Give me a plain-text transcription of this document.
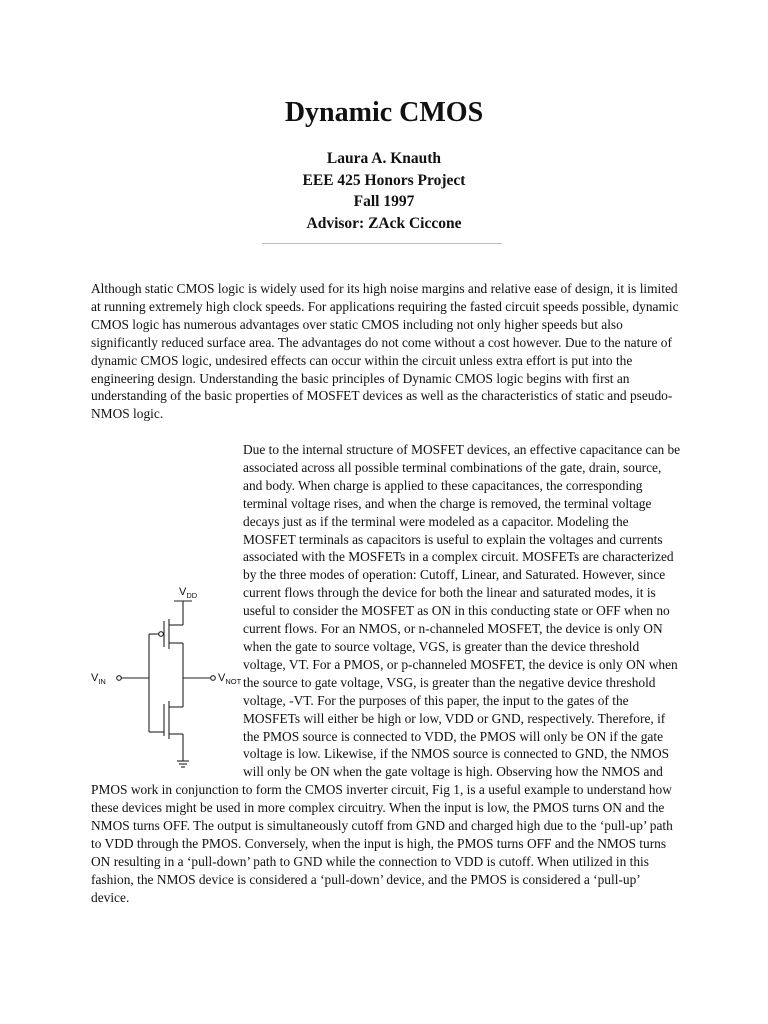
Dynamic CMOS
Laura A. Knauth
EEE 425 Honors Project
Fall 1997
Advisor: ZAck Ciccone

Although static CMOS logic is widely used for its high noise margins and relative ease of design, it is limited at running extremely high clock speeds. For applications requiring the fasted circuit speeds possible, dynamic CMOS logic has numerous advantages over static CMOS including not only higher speeds but also significantly reduced surface area. The advantages do not come without a cost however. Due to the nature of dynamic CMOS logic, undesired effects can occur within the circuit unless extra effort is put into the engineering design. Understanding the basic principles of Dynamic CMOS logic begins with first an understanding of the basic properties of MOSFET devices as well as the characteristics of static and pseudo-NMOS logic.

$V_{DD}$
$V_{IN}$	$V_{NOT}$
Due to the internal structure of MOSFET devices, an effective capacitance can be associated across all possible terminal combinations of the gate, drain, source, and body. When charge is applied to these capacitances, the corresponding terminal voltage rises, and when the charge is removed, the terminal voltage decays just as if the terminal were modeled as a capacitor. Modeling the MOSFET terminals as capacitors is useful to explain the voltages and currents associated with the MOSFETs in a complex circuit. MOSFETs are characterized by the three modes of operation: Cutoff, Linear, and Saturated. However, since current flows through the device for both the linear and saturated modes, it is useful to consider the MOSFET as ON in this conducting state or OFF when no current flows. For an NMOS, or n-channeled MOSFET, the device is only ON when the gate to source voltage, VGS, is greater than the device threshold voltage, VT. For a PMOS, or p-channeled MOSFET, the device is only ON when the source to gate voltage, VSG, is greater than the negative device threshold voltage, -VT. For the purposes of this paper, the input to the gates of the MOSFETs will either be high or low, VDD or GND, respectively. Therefore, if the PMOS source is connected to VDD, the PMOS will only be ON if the gate voltage is low. Likewise, if the NMOS source is connected to GND, the NMOS will only be ON when the gate voltage is high. Observing how the NMOS and PMOS work in conjunction to form the CMOS inverter circuit, Fig 1, is a useful example to understand how these devices might be used in more complex circuitry. When the input is low, the PMOS turns ON and the NMOS turns OFF. The output is simultaneously cutoff from GND and charged high due to the ‘pull-up’ path to VDD through the PMOS. Conversely, when the input is high, the PMOS turns OFF and the NMOS turns ON resulting in a ‘pull-down’ path to GND while the connection to VDD is cutoff. When utilized in this fashion, the NMOS device is considered a ‘pull-down’ device, and the PMOS is considered a ‘pull-up’ device.
